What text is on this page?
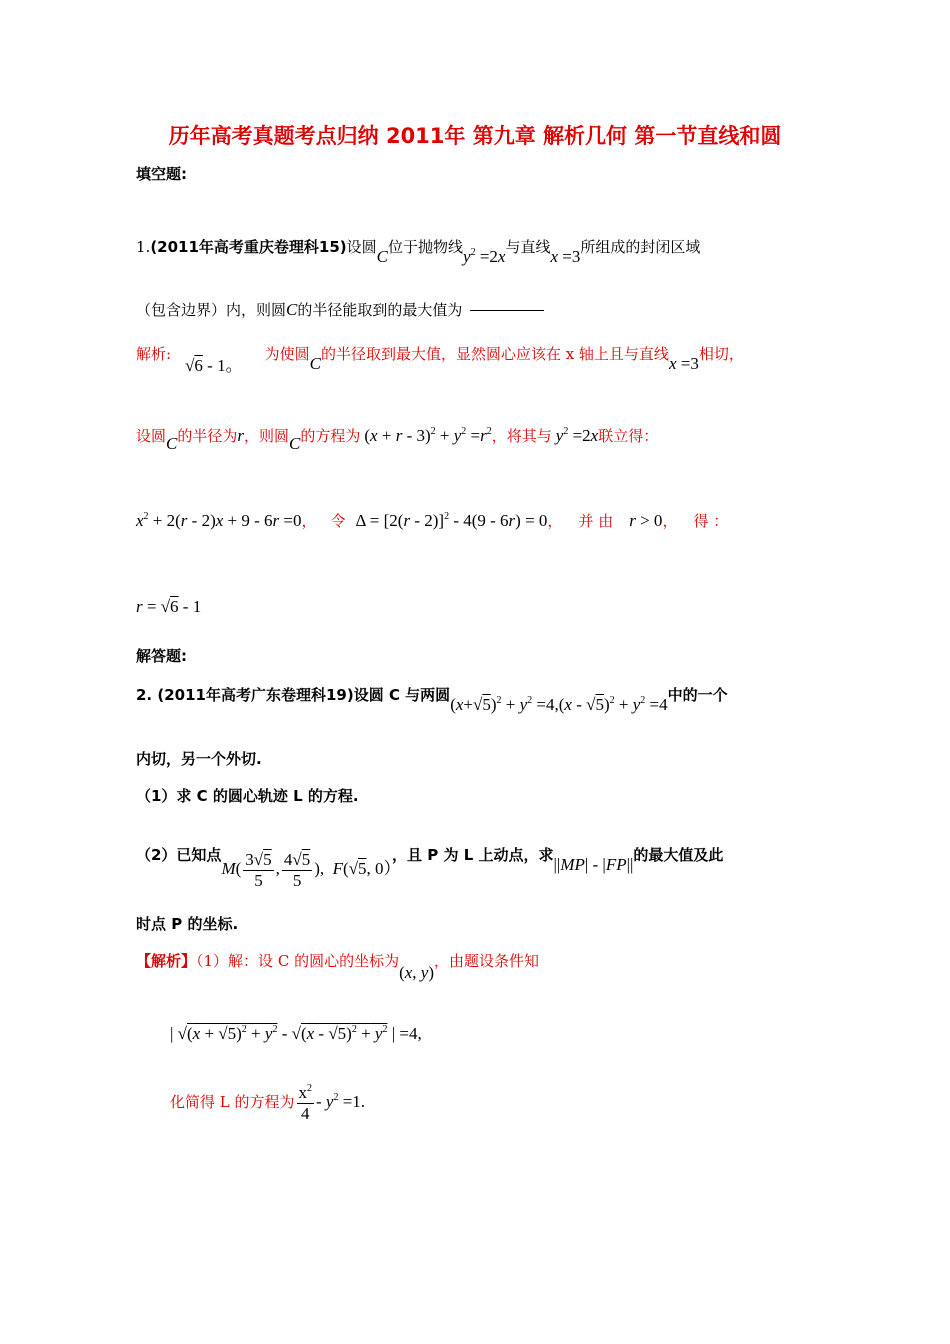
历年高考真题考点归纳 2011年 第九章 解析几何 第一节直线和圆
填空题:
1.(2011年高考重庆卷理科15)设圆C位于抛物线$y^2 =2x$与直线x =3所组成的封闭区域
（包含边界）内，则圆C的半径能取到的最大值为
解析:√6 - 1。为使圆C的半径取到最大值，显然圆心应该在 x 轴上且与直线x =3相切，
设圆C的半径为r，则圆C的方程为 $(x + r - 3)^2 + y^2 =r^2$，将其与 $y^2 =2x$联立得：
$x^2 + 2(r - 2)x + 9 - 6r =0$， 令 Δ = [2(r - 2)]$^2$ - 4(9 - 6r) = 0， 并 由 r > 0， 得 ：
r = √6 - 1
解答题:
2. (2011年高考广东卷理科19)设圆 C 与两圆$(x+√5)^2 + y^2 =4,(x - √5)^2 + y^2 =4$中的一个
内切，另一个外切.
（1）求 C 的圆心轨迹 L 的方程.
（2）已知点$M( \frac{3√5}{5}$ , $\frac{4√5}{5}$ ),  F(√5, 0），且 P 为 L 上动点，求||MP| - |FP||的最大值及此
时点 P 的坐标.
【解析】（1）解：设 C 的圆心的坐标为(x, y)，由题设条件知
| $√(x + √5)^2 + y^2 - √(x - √5)^2 + y^2$ | =4,
化简得 L 的方程为 $\frac{x^2}{4} - y^2 =1$.
